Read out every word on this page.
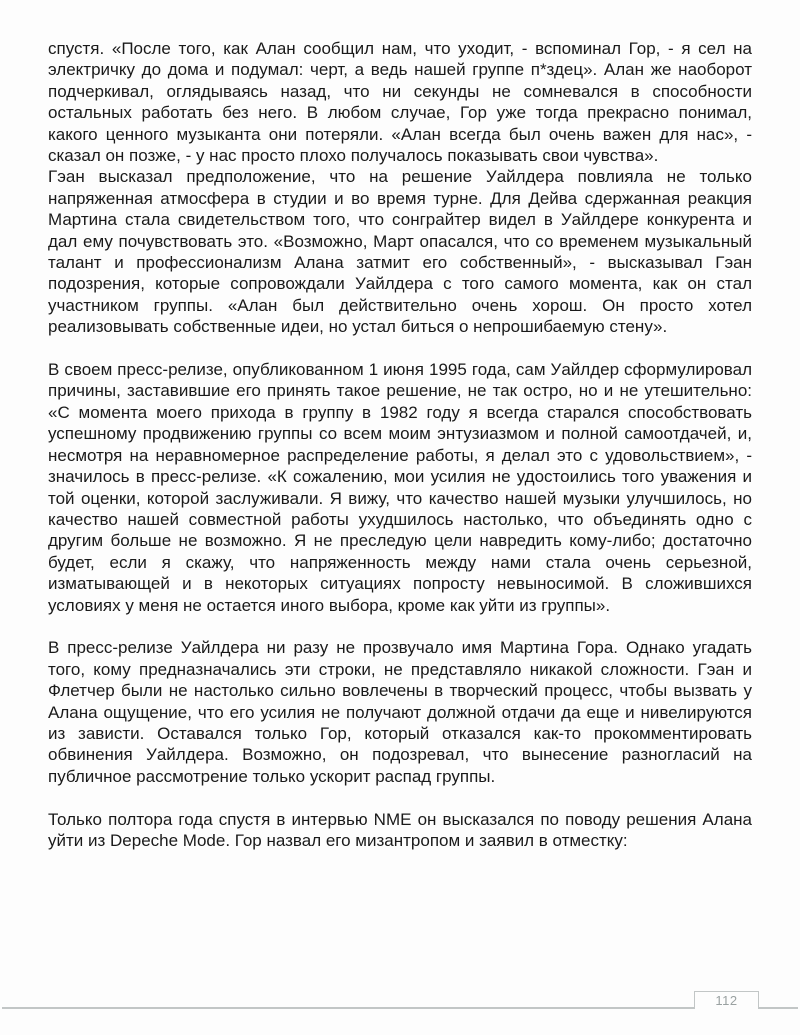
спустя. «После того, как Алан сообщил нам, что уходит, - вспоминал Гор, - я сел на электричку до дома и подумал: черт, а ведь нашей группе п*здец». Алан же наоборот подчеркивал, оглядываясь назад, что ни секунды не сомневался в способности остальных работать без него. В любом случае, Гор уже тогда прекрасно понимал, какого ценного музыканта они потеряли. «Алан всегда был очень важен для нас», - сказал он позже, - у нас просто плохо получалось показывать свои чувства».

Гэан высказал предположение, что на решение Уайлдера повлияла не только напряженная атмосфера в студии и во время турне. Для Дейва сдержанная реакция Мартина стала свидетельством того, что сонграйтер видел в Уайлдере конкурента и дал ему почувствовать это. «Возможно, Март опасался, что со временем музыкальный талант и профессионализм Алана затмит его собственный», - высказывал Гэан подозрения, которые сопровождали Уайлдера с того самого момента, как он стал участником группы. «Алан был действительно очень хорош. Он просто хотел реализовывать собственные идеи, но устал биться о непрошибаемую стену».

В своем пресс-релизе, опубликованном 1 июня 1995 года, сам Уайлдер сформулировал причины, заставившие его принять такое решение, не так остро, но и не утешительно: «С момента моего прихода в группу в 1982 году я всегда старался способствовать успешному продвижению группы со всем моим энтузиазмом и полной самоотдачей, и, несмотря на неравномерное распределение работы, я делал это с удовольствием», - значилось в пресс-релизе. «К сожалению, мои усилия не удостоились того уважения и той оценки, которой заслуживали. Я вижу, что качество нашей музыки улучшилось, но качество нашей совместной работы ухудшилось настолько, что объединять одно с другим больше не возможно. Я не преследую цели навредить кому-либо; достаточно будет, если я скажу, что напряженность между нами стала очень серьезной, изматывающей и в некоторых ситуациях попросту невыносимой. В сложившихся условиях у меня не остается иного выбора, кроме как уйти из группы».

В пресс-релизе Уайлдера ни разу не прозвучало имя Мартина Гора. Однако угадать того, кому предназначались эти строки, не представляло никакой сложности. Гэан и Флетчер были не настолько сильно вовлечены в творческий процесс, чтобы вызвать у Алана ощущение, что его усилия не получают должной отдачи да еще и нивелируются из зависти. Оставался только Гор, который отказался как-то прокомментировать обвинения Уайлдера. Возможно, он подозревал, что вынесение разногласий на публичное рассмотрение только ускорит распад группы.

Только полтора года спустя в интервью NME он высказался по поводу решения Алана уйти из Depeche Mode. Гор назвал его мизантропом и заявил в отместку:

112
